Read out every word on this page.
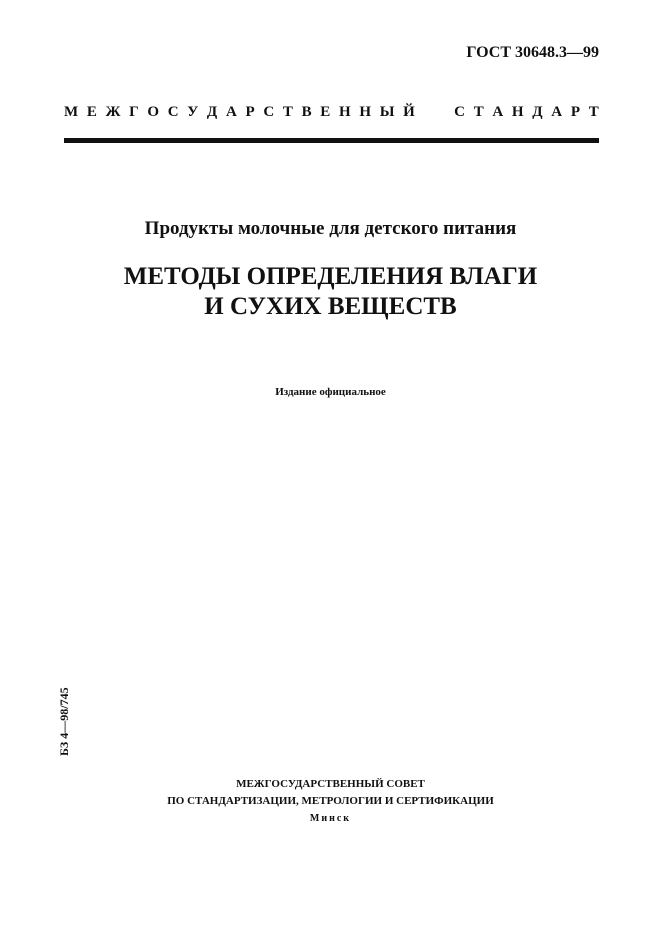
ГОСТ 30648.3—99
М Е Ж Г О С У Д А Р С Т В Е Н Н Ы Й	С Т А Н Д А Р Т
Продукты молочные для детского питания
МЕТОДЫ ОПРЕДЕЛЕНИЯ ВЛАГИ
И СУХИХ ВЕЩЕСТВ
Издание официальное
БЗ 4—98/745
МЕЖГОСУДАРСТВЕННЫЙ СОВЕТ
ПО СТАНДАРТИЗАЦИИ, МЕТРОЛОГИИ И СЕРТИФИКАЦИИ
Минск
